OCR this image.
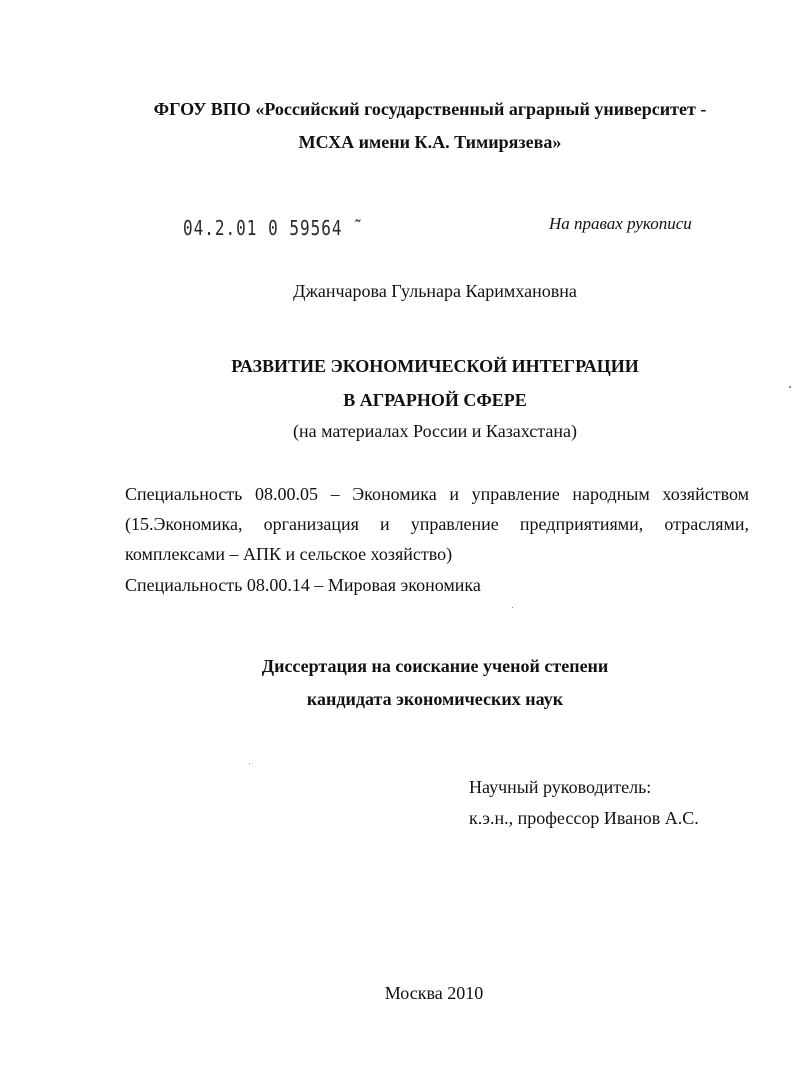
ФГОУ ВПО «Российский государственный аграрный университет -
МСХА имени К.А. Тимирязева»
04.2.01 0 59564 ˜	На правах рукописи
Джанчарова Гульнара Каримхановна
РАЗВИТИЕ ЭКОНОМИЧЕСКОЙ ИНТЕГРАЦИИ
В АГРАРНОЙ СФЕРЕ
(на материалах России и Казахстана)
Специальность 08.00.05 – Экономика и управление народным хозяйством
(15.Экономика, организация и управление предприятиями, отраслями,
комплексами – АПК и сельское хозяйство)
Специальность 08.00.14 – Мировая экономика
Диссертация на соискание ученой степени
кандидата экономических наук
Научный руководитель:
к.э.н., профессор Иванов А.С.
Москва 2010
